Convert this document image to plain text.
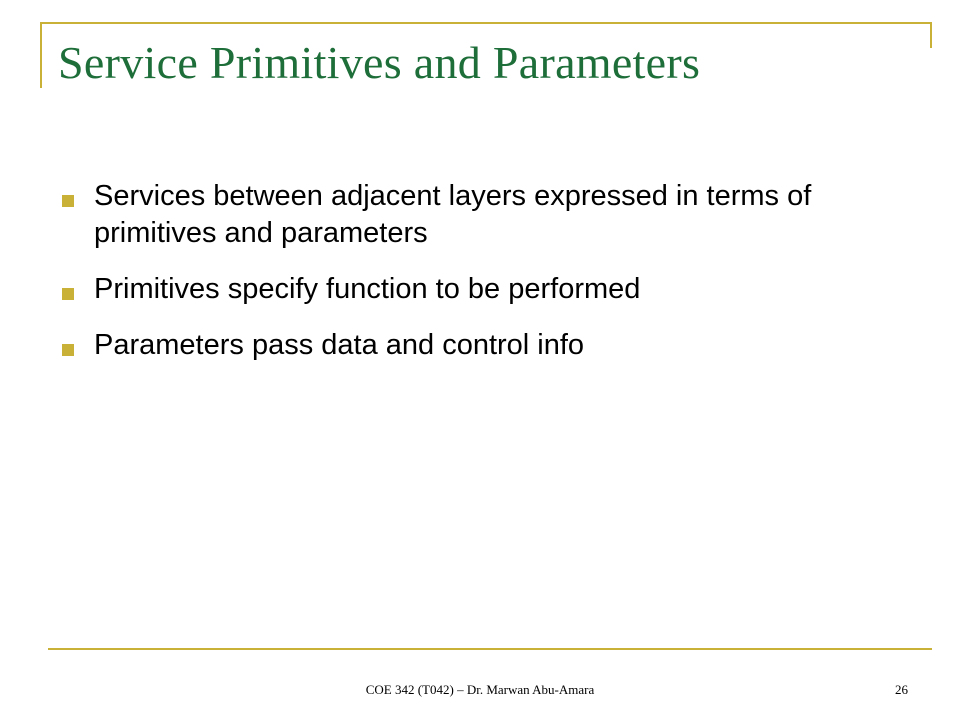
Service Primitives and Parameters
Services between adjacent layers expressed in terms of primitives and parameters
Primitives specify function to be performed
Parameters pass data and control info
COE 342 (T042) – Dr. Marwan Abu-Amara	26
